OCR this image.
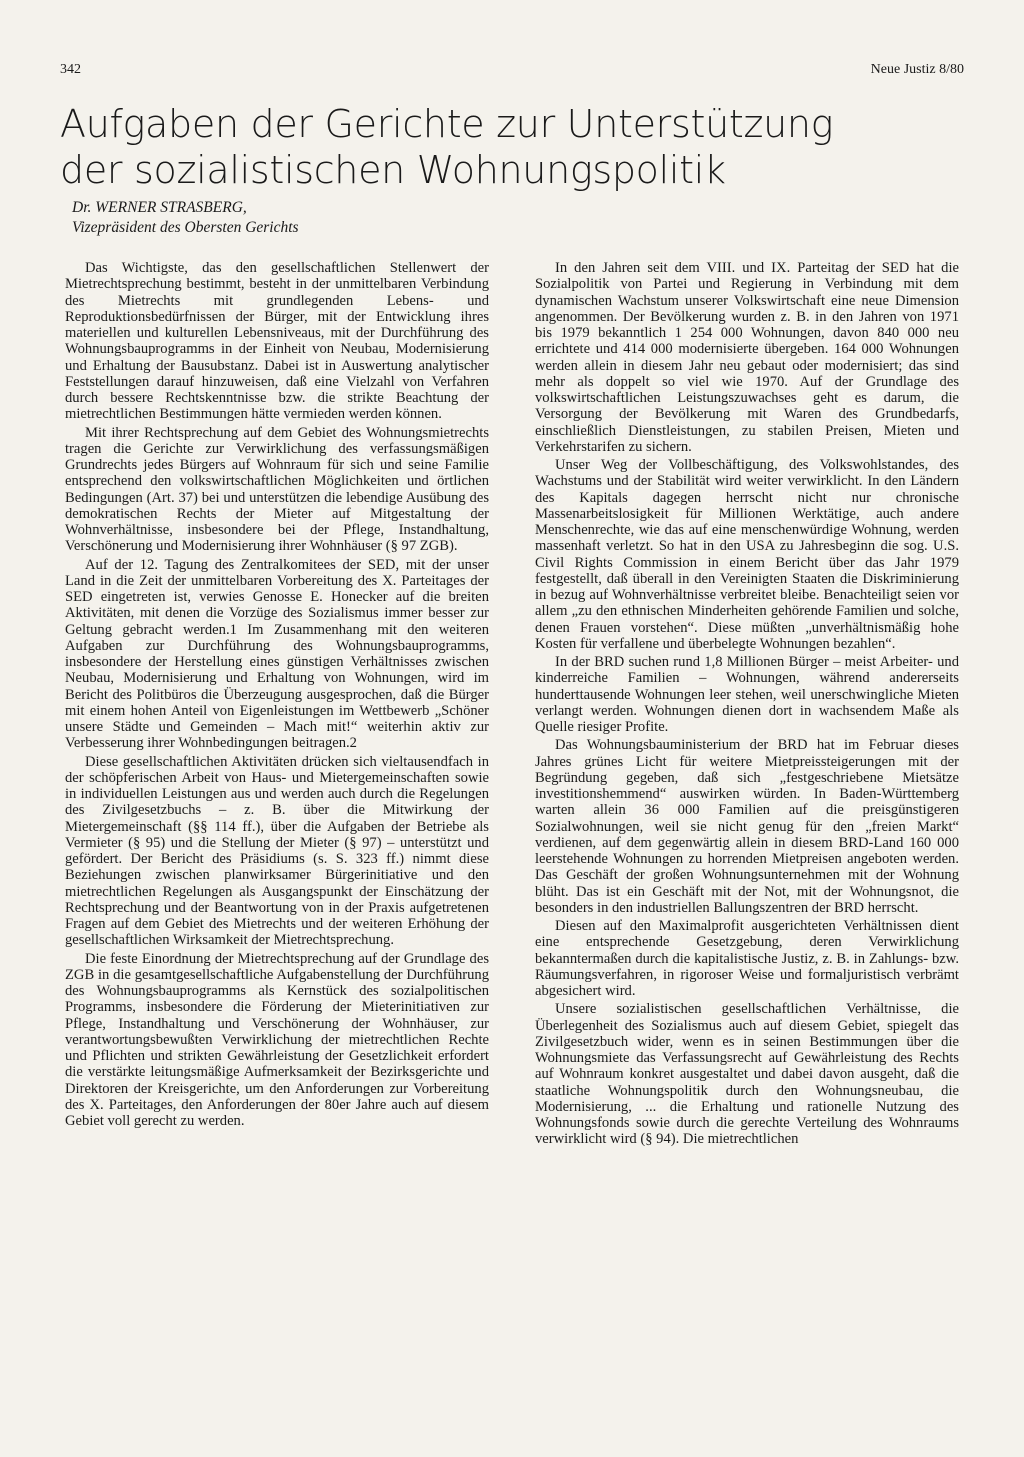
342	Neue Justiz 8/80
Aufgaben der Gerichte zur Unterstützung
der sozialistischen Wohnungspolitik
Dr. WERNER STRASBERG,
Vizepräsident des Obersten Gerichts

Das Wichtigste, das den gesellschaftlichen Stellenwert der Mietrechtsprechung bestimmt, besteht in der unmittelbaren Verbindung des Mietrechts mit grundlegenden Lebens- und Reproduktionsbedürfnissen der Bürger, mit der Entwicklung ihres materiellen und kulturellen Lebensniveaus, mit der Durchführung des Wohnungsbauprogramms in der Einheit von Neubau, Modernisierung und Erhaltung der Bausubstanz. Dabei ist in Auswertung analytischer Feststellungen darauf hinzuweisen, daß eine Vielzahl von Verfahren durch bessere Rechtskenntnisse bzw. die strikte Beachtung der mietrechtlichen Bestimmungen hätte vermieden werden können.

Mit ihrer Rechtsprechung auf dem Gebiet des Wohnungsmietrechts tragen die Gerichte zur Verwirklichung des verfassungsmäßigen Grundrechts jedes Bürgers auf Wohnraum für sich und seine Familie entsprechend den volkswirtschaftlichen Möglichkeiten und örtlichen Bedingungen (Art. 37) bei und unterstützen die lebendige Ausübung des demokratischen Rechts der Mieter auf Mitgestaltung der Wohnverhältnisse, insbesondere bei der Pflege, Instandhaltung, Verschönerung und Modernisierung ihrer Wohnhäuser (§ 97 ZGB).

Auf der 12. Tagung des Zentralkomitees der SED, mit der unser Land in die Zeit der unmittelbaren Vorbereitung des X. Parteitages der SED eingetreten ist, verwies Genosse E. Honecker auf die breiten Aktivitäten, mit denen die Vorzüge des Sozialismus immer besser zur Geltung gebracht werden.1 Im Zusammenhang mit den weiteren Aufgaben zur Durchführung des Wohnungsbauprogramms, insbesondere der Herstellung eines günstigen Verhältnisses zwischen Neubau, Modernisierung und Erhaltung von Wohnungen, wird im Bericht des Politbüros die Überzeugung ausgesprochen, daß die Bürger mit einem hohen Anteil von Eigenleistungen im Wettbewerb „Schöner unsere Städte und Gemeinden – Mach mit!“ weiterhin aktiv zur Verbesserung ihrer Wohnbedingungen beitragen.2

Diese gesellschaftlichen Aktivitäten drücken sich vieltausendfach in der schöpferischen Arbeit von Haus- und Mietergemeinschaften sowie in individuellen Leistungen aus und werden auch durch die Regelungen des Zivilgesetzbuchs – z. B. über die Mitwirkung der Mietergemeinschaft (§§ 114 ff.), über die Aufgaben der Betriebe als Vermieter (§ 95) und die Stellung der Mieter (§ 97) – unterstützt und gefördert. Der Bericht des Präsidiums (s. S. 323 ff.) nimmt diese Beziehungen zwischen planwirksamer Bürgerinitiative und den mietrechtlichen Regelungen als Ausgangspunkt der Einschätzung der Rechtsprechung und der Beantwortung von in der Praxis aufgetretenen Fragen auf dem Gebiet des Mietrechts und der weiteren Erhöhung der gesellschaftlichen Wirksamkeit der Mietrechtsprechung.

Die feste Einordnung der Mietrechtsprechung auf der Grundlage des ZGB in die gesamtgesellschaftliche Aufgabenstellung der Durchführung des Wohnungsbauprogramms als Kernstück des sozialpolitischen Programms, insbesondere die Förderung der Mieterinitiativen zur Pflege, Instandhaltung und Verschönerung der Wohnhäuser, zur verantwortungsbewußten Verwirklichung der mietrechtlichen Rechte und Pflichten und strikten Gewährleistung der Gesetzlichkeit erfordert die verstärkte leitungsmäßige Aufmerksamkeit der Bezirksgerichte und Direktoren der Kreisgerichte, um den Anforderungen zur Vorbereitung des X. Parteitages, den Anforderungen der 80er Jahre auch auf diesem Gebiet voll gerecht zu werden.

In den Jahren seit dem VIII. und IX. Parteitag der SED hat die Sozialpolitik von Partei und Regierung in Verbindung mit dem dynamischen Wachstum unserer Volkswirtschaft eine neue Dimension angenommen. Der Bevölkerung wurden z. B. in den Jahren von 1971 bis 1979 bekanntlich 1 254 000 Wohnungen, davon 840 000 neu errichtete und 414 000 modernisierte übergeben. 164 000 Wohnungen werden allein in diesem Jahr neu gebaut oder modernisiert; das sind mehr als doppelt so viel wie 1970. Auf der Grundlage des volkswirtschaftlichen Leistungszuwachses geht es darum, die Versorgung der Bevölkerung mit Waren des Grundbedarfs, einschließlich Dienstleistungen, zu stabilen Preisen, Mieten und Verkehrstarifen zu sichern.

Unser Weg der Vollbeschäftigung, des Volkswohlstandes, des Wachstums und der Stabilität wird weiter verwirklicht. In den Ländern des Kapitals dagegen herrscht nicht nur chronische Massenarbeitslosigkeit für Millionen Werktätige, auch andere Menschenrechte, wie das auf eine menschenwürdige Wohnung, werden massenhaft verletzt. So hat in den USA zu Jahresbeginn die sog. U.S. Civil Rights Commission in einem Bericht über das Jahr 1979 festgestellt, daß überall in den Vereinigten Staaten die Diskriminierung in bezug auf Wohnverhältnisse verbreitet bleibe. Benachteiligt seien vor allem „zu den ethnischen Minderheiten gehörende Familien und solche, denen Frauen vorstehen“. Diese müßten „unverhältnismäßig hohe Kosten für verfallene und überbelegte Wohnungen bezahlen“.

In der BRD suchen rund 1,8 Millionen Bürger – meist Arbeiter- und kinderreiche Familien – Wohnungen, während andererseits hunderttausende Wohnungen leer stehen, weil unerschwingliche Mieten verlangt werden. Wohnungen dienen dort in wachsendem Maße als Quelle riesiger Profite.

Das Wohnungsbauministerium der BRD hat im Februar dieses Jahres grünes Licht für weitere Mietpreissteigerungen mit der Begründung gegeben, daß sich „festgeschriebene Mietsätze investitionshemmend“ auswirken würden. In Baden-Württemberg warten allein 36 000 Familien auf die preisgünstigeren Sozialwohnungen, weil sie nicht genug für den „freien Markt“ verdienen, auf dem gegenwärtig allein in diesem BRD-Land 160 000 leerstehende Wohnungen zu horrenden Mietpreisen angeboten werden. Das Geschäft der großen Wohnungsunternehmen mit der Wohnung blüht. Das ist ein Geschäft mit der Not, mit der Wohnungsnot, die besonders in den industriellen Ballungszentren der BRD herrscht.

Diesen auf den Maximalprofit ausgerichteten Verhältnissen dient eine entsprechende Gesetzgebung, deren Verwirklichung bekanntermaßen durch die kapitalistische Justiz, z. B. in Zahlungs- bzw. Räumungsverfahren, in rigoroser Weise und formaljuristisch verbrämt abgesichert wird.

Unsere sozialistischen gesellschaftlichen Verhältnisse, die Überlegenheit des Sozialismus auch auf diesem Gebiet, spiegelt das Zivilgesetzbuch wider, wenn es in seinen Bestimmungen über die Wohnungsmiete das Verfassungsrecht auf Gewährleistung des Rechts auf Wohnraum konkret ausgestaltet und dabei davon ausgeht, daß die staatliche Wohnungspolitik durch den Wohnungsneubau, die Modernisierung, ... die Erhaltung und rationelle Nutzung des Wohnungsfonds sowie durch die gerechte Verteilung des Wohnraums verwirklicht wird (§ 94). Die mietrechtlichen
